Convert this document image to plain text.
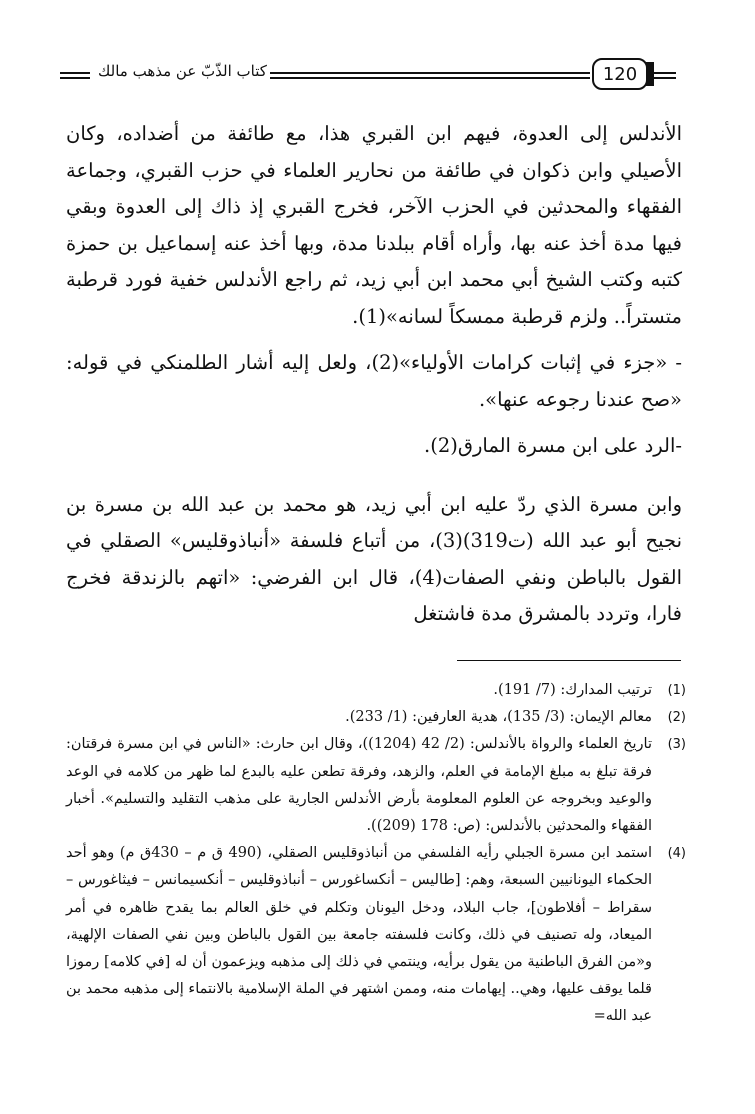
كتاب الذّبّ عن مذهب مالك	120

الأندلس إلى العدوة، فيهم ابن القبري هذا، مع طائفة من أضداده، وكان الأصيلي وابن ذكوان في طائفة من نحارير العلماء في حزب القبري، وجماعة الفقهاء والمحدثين في الحزب الآخر، فخرج القبري إذ ذاك إلى العدوة وبقي فيها مدة أخذ عنه بها، وأراه أقام ببلدنا مدة، وبها أخذ عنه إسماعيل بن حمزة كتبه وكتب الشيخ أبي محمد ابن أبي زيد، ثم راجع الأندلس خفية فورد قرطبة متستراً.. ولزم قرطبة ممسكاً لسانه»(1).

- «جزء في إثبات كرامات الأولياء»(2)، ولعل إليه أشار الطلمنكي في قوله: «صح عندنا رجوعه عنها».

-الرد على ابن مسرة المارق(2).

وابن مسرة الذي ردّ عليه ابن أبي زيد، هو محمد بن عبد الله بن مسرة بن نجيح أبو عبد الله (ت319)(3)، من أتباع فلسفة «أنباذوقليس» الصقلي في القول بالباطن ونفي الصفات(4)، قال ابن الفرضي: «اتهم بالزندقة فخرج فارا، وتردد بالمشرق مدة فاشتغل

(1)
ترتيب المدارك: (7/ 191).
(2)
معالم الإيمان: (3/ 135)، هدية العارفين: (1/ 233).
(3)
تاريخ العلماء والرواة بالأندلس: (2/ 42 (1204))، وقال ابن حارث: «الناس في ابن مسرة فرقتان: فرقة تبلغ به مبلغ الإمامة في العلم، والزهد، وفرقة تطعن عليه بالبدع لما ظهر من كلامه في الوعد والوعيد وبخروجه عن العلوم المعلومة بأرض الأندلس الجارية على مذهب التقليد والتسليم». أخبار الفقهاء والمحدثين بالأندلس: (ص: 178 (209)).
(4)
استمد ابن مسرة الجبلي رأيه الفلسفي من أنباذوقليس الصقلي، (490 ق م – 430ق م) وهو أحد الحكماء اليونانيين السبعة، وهم: [طاليس – أنكساغورس – أنباذوقليس – أنكسيمانس – فيثاغورس – سقراط – أفلاطون]، جاب البلاد، ودخل اليونان وتكلم في خلق العالم بما يقدح ظاهره في أمر الميعاد، وله تصنيف في ذلك، وكانت فلسفته جامعة بين القول بالباطن وبين نفي الصفات الإلهية، و«من الفرق الباطنية من يقول برأيه، وينتمي في ذلك إلى مذهبه ويزعمون أن له [في كلامه] رموزا قلما يوقف عليها، وهي.. إيهامات منه، وممن اشتهر في الملة الإسلامية بالانتماء إلى مذهبه محمد بن عبد الله=
